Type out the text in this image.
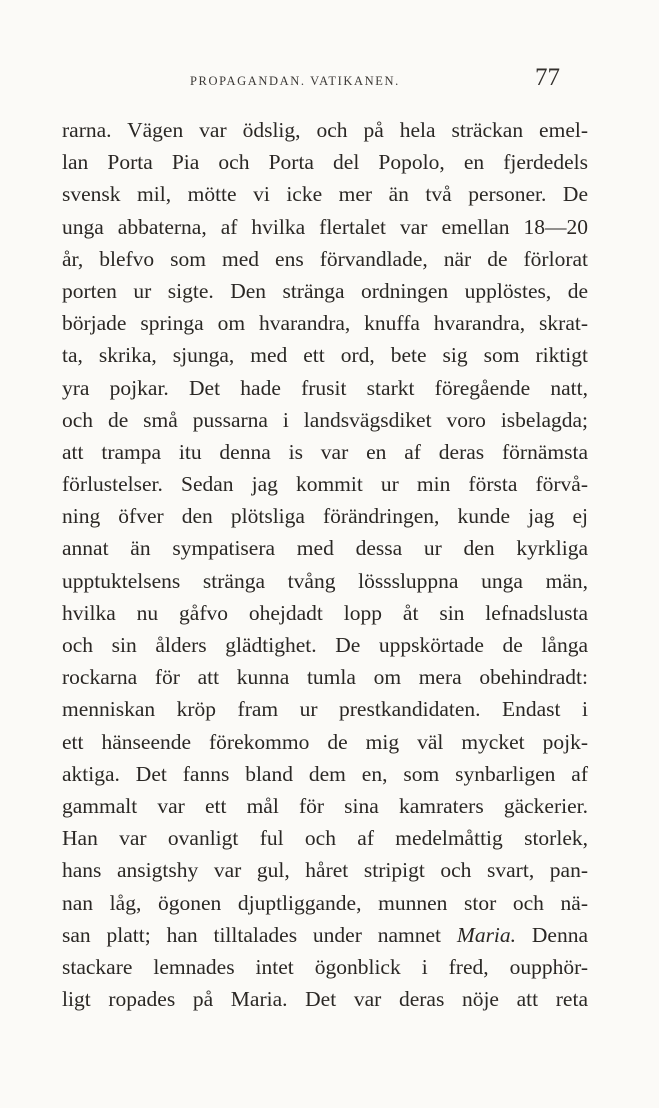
PROPAGANDAN. VATIKANEN.	77
rarna. Vägen var ödslig, och på hela sträckan emel-
lan Porta Pia och Porta del Popolo, en fjerdedels
svensk mil, mötte vi icke mer än två personer. De
unga abbaterna, af hvilka flertalet var emellan 18—20
år, blefvo som med ens förvandlade, när de förlorat
porten ur sigte. Den stränga ordningen upplöstes, de
började springa om hvarandra, knuffa hvarandra, skrat-
ta, skrika, sjunga, med ett ord, bete sig som riktigt
yra pojkar. Det hade frusit starkt föregående natt,
och de små pussarna i landsvägsdiket voro isbelagda;
att trampa itu denna is var en af deras förnämsta
förlustelser. Sedan jag kommit ur min första förvå-
ning öfver den plötsliga förändringen, kunde jag ej
annat än sympatisera med dessa ur den kyrkliga
upptuktelsens stränga tvång lösssluppna unga män,
hvilka nu gåfvo ohejdadt lopp åt sin lefnadslusta
och sin ålders glädtighet. De uppskörtade de långa
rockarna för att kunna tumla om mera obehindradt:
menniskan kröp fram ur prestkandidaten. Endast i
ett hänseende förekommo de mig väl mycket pojk-
aktiga. Det fanns bland dem en, som synbarligen af
gammalt var ett mål för sina kamraters gäckerier.
Han var ovanligt ful och af medelmåttig storlek,
hans ansigtshy var gul, håret stripigt och svart, pan-
nan låg, ögonen djuptliggande, munnen stor och nä-
san platt; han tilltalades under namnet Maria. Denna
stackare lemnades intet ögonblick i fred, oupphör-
ligt ropades på Maria. Det var deras nöje att reta
